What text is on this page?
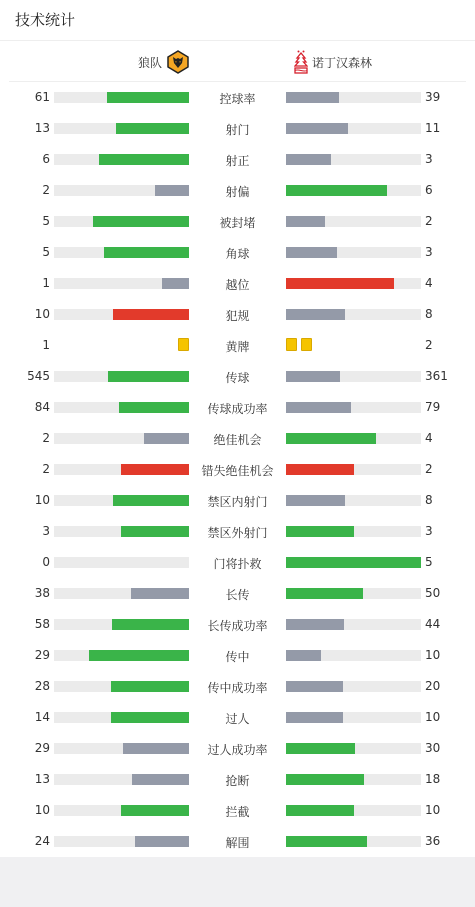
技术统计
狼队	诺丁汉森林
61	控球率	39
13	射门	11
6	射正	3
2	射偏	6
5	被封堵	2
5	角球	3
1	越位	4
10	犯规	8
1	黄牌	2
545	传球	361
84	传球成功率	79
2	绝佳机会	4
2	错失绝佳机会	2
10	禁区内射门	8
3	禁区外射门	3
0	门将扑救	5
38	长传	50
58	长传成功率	44
29	传中	10
28	传中成功率	20
14	过人	10
29	过人成功率	30
13	抢断	18
10	拦截	10
24	解围	36
